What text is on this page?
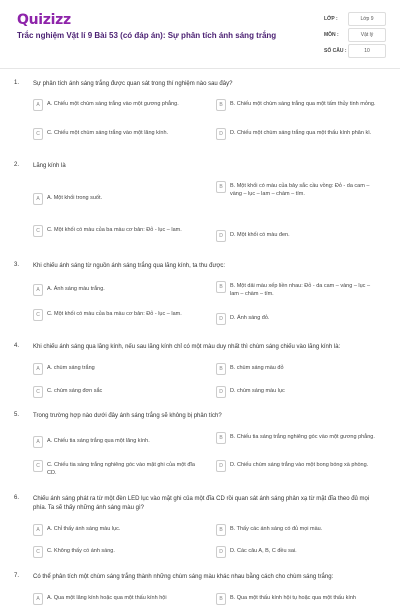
Quizizz
Trắc nghiệm Vật lí 9 Bài 53 (có đáp án): Sự phân tích ánh sáng trắng
LỚP :	Lớp 9
MÔN :	Vật lý
SỐ CÂU :	10
1. Sự phân tích ánh sáng trắng được quan sát trong thí nghiệm nào sau đây?
A	A. Chiếu một chùm sáng trắng vào một gương phẳng.	B	B. Chiếu một chùm sáng trắng qua một tấm thủy tinh mỏng.
C	C. Chiếu một chùm sáng trắng vào một lăng kính.	D	D. Chiếu một chùm sáng trắng qua một thấu kính phân kì.
2. Lăng kính là
A	A. Một khối trong suốt.
B	B. Một khối có màu của bảy sắc cầu vồng: Đỏ - da cam – vàng – lục – lam – chàm – tím.
C	C. Một khối có màu của ba màu cơ bản: Đỏ - lục – lam.
D	D. Một khối có màu đen.
3. Khi chiếu ánh sáng từ nguồn ánh sáng trắng qua lăng kính, ta thu được:
A	A. Ánh sáng màu trắng.	B	B. Một dải màu xếp liền nhau: Đỏ - da cam – vàng – lục – lam – chàm – tím.
C	C. Một khối có màu của ba màu cơ bản: Đỏ - lục – lam.
D	D. Ánh sáng đỏ.
4. Khi chiếu ánh sáng qua lăng kính, nếu sau lăng kính chỉ có một màu duy nhất thì chùm sáng chiếu vào lăng kính là:
A	A. chùm sáng trắng	B	B. chùm sáng màu đỏ
C	C. chùm sáng đơn sắc	D	D. chùm sáng màu lục
5. Trong trường hợp nào dưới đây ánh sáng trắng sẽ không bị phân tích?
A	A. Chiếu tia sáng trắng qua một lăng kính.	B	B. Chiếu tia sáng trắng nghiêng góc vào một gương phẳng.
C	C. Chiếu tia sáng trắng nghiêng góc vào mặt ghi của một đĩa CD.
D	D. Chiếu chùm sáng trắng vào một bong bóng xà phòng.
6. Chiếu ánh sáng phát ra từ một đèn LED lục vào mặt ghi của một đĩa CD rồi quan sát ánh sáng phản xạ từ mặt đĩa theo đủ mọi phía. Ta sẽ thấy những ánh sáng màu gì?
A	A. Chỉ thấy ánh sáng màu lục.	B	B. Thấy các ánh sáng có đủ mọi màu.
C	C. Không thấy có ánh sáng.	D	D. Các câu A, B, C đều sai.
7. Có thể phân tích một chùm sáng trắng thành những chùm sáng màu khác nhau bằng cách cho chùm sáng trắng:
A	A. Qua một lăng kính hoặc qua một thấu kính hội	B	B. Qua một thấu kính hội tụ hoặc qua một thấu kính
